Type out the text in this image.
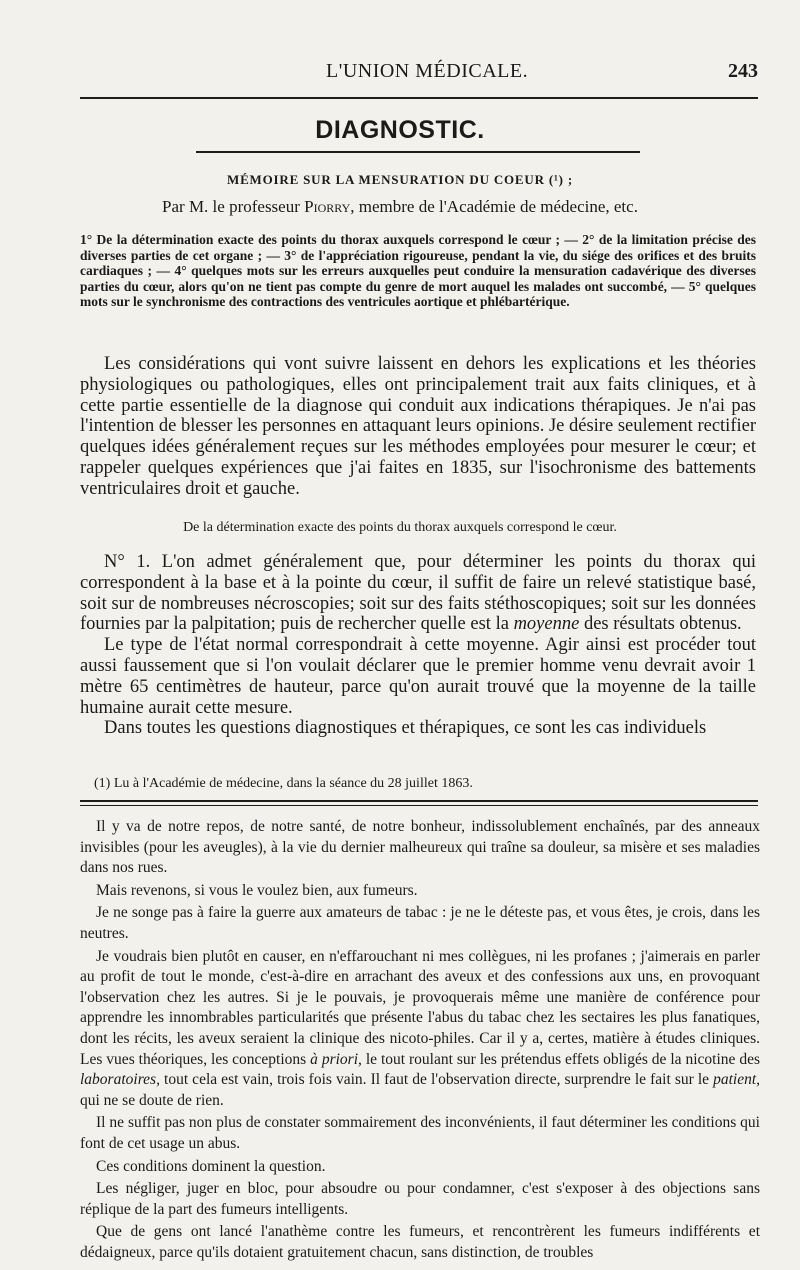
L'UNION MÉDICALE.	243
DIAGNOSTIC.
MÉMOIRE SUR LA MENSURATION DU COEUR (¹) ;
Par M. le professeur Piorry, membre de l'Académie de médecine, etc.
1° De la détermination exacte des points du thorax auxquels correspond le cœur ; — 2° de la limitation précise des diverses parties de cet organe ; — 3° de l'appréciation rigoureuse, pendant la vie, du siége des orifices et des bruits cardiaques ; — 4° quelques mots sur les erreurs auxquelles peut conduire la mensuration cadavérique des diverses parties du cœur, alors qu'on ne tient pas compte du genre de mort auquel les malades ont succombé, — 5° quelques mots sur le synchronisme des contractions des ventricules aortique et phlébartérique.

Les considérations qui vont suivre laissent en dehors les explications et les théories physiologiques ou pathologiques, elles ont principalement trait aux faits cliniques, et à cette partie essentielle de la diagnose qui conduit aux indications thérapiques. Je n'ai pas l'intention de blesser les personnes en attaquant leurs opinions. Je désire seulement rectifier quelques idées généralement reçues sur les méthodes employées pour mesurer le cœur; et rappeler quelques expériences que j'ai faites en 1835, sur l'isochronisme des battements ventriculaires droit et gauche.

De la détermination exacte des points du thorax auxquels correspond le cœur.

N° 1. L'on admet généralement que, pour déterminer les points du thorax qui correspondent à la base et à la pointe du cœur, il suffit de faire un relevé statistique basé, soit sur de nombreuses nécroscopies; soit sur des faits stéthoscopiques; soit sur les données fournies par la palpitation; puis de rechercher quelle est la moyenne des résultats obtenus.

Le type de l'état normal correspondrait à cette moyenne. Agir ainsi est procéder tout aussi faussement que si l'on voulait déclarer que le premier homme venu devrait avoir 1 mètre 65 centimètres de hauteur, parce qu'on aurait trouvé que la moyenne de la taille humaine aurait cette mesure.

Dans toutes les questions diagnostiques et thérapiques, ce sont les cas individuels

(1) Lu à l'Académie de médecine, dans la séance du 28 juillet 1863.

Il y va de notre repos, de notre santé, de notre bonheur, indissolublement enchaînés, par des anneaux invisibles (pour les aveugles), à la vie du dernier malheureux qui traîne sa douleur, sa misère et ses maladies dans nos rues.

Mais revenons, si vous le voulez bien, aux fumeurs.

Je ne songe pas à faire la guerre aux amateurs de tabac : je ne le déteste pas, et vous êtes, je crois, dans les neutres.

Je voudrais bien plutôt en causer, en n'effarouchant ni mes collègues, ni les profanes ; j'aimerais en parler au profit de tout le monde, c'est-à-dire en arrachant des aveux et des confessions aux uns, en provoquant l'observation chez les autres. Si je le pouvais, je provoquerais même une manière de conférence pour apprendre les innombrables particularités que présente l'abus du tabac chez les sectaires les plus fanatiques, dont les récits, les aveux seraient la clinique des nicoto-philes. Car il y a, certes, matière à études cliniques. Les vues théoriques, les conceptions à priori, le tout roulant sur les prétendus effets obligés de la nicotine des laboratoires, tout cela est vain, trois fois vain. Il faut de l'observation directe, surprendre le fait sur le patient, qui ne se doute de rien.

Il ne suffit pas non plus de constater sommairement des inconvénients, il faut déterminer les conditions qui font de cet usage un abus.

Ces conditions dominent la question.

Les négliger, juger en bloc, pour absoudre ou pour condamner, c'est s'exposer à des objections sans réplique de la part des fumeurs intelligents.

Que de gens ont lancé l'anathème contre les fumeurs, et rencontrèrent les fumeurs indifférents et dédaigneux, parce qu'ils dotaient gratuitement chacun, sans distinction, de troubles
